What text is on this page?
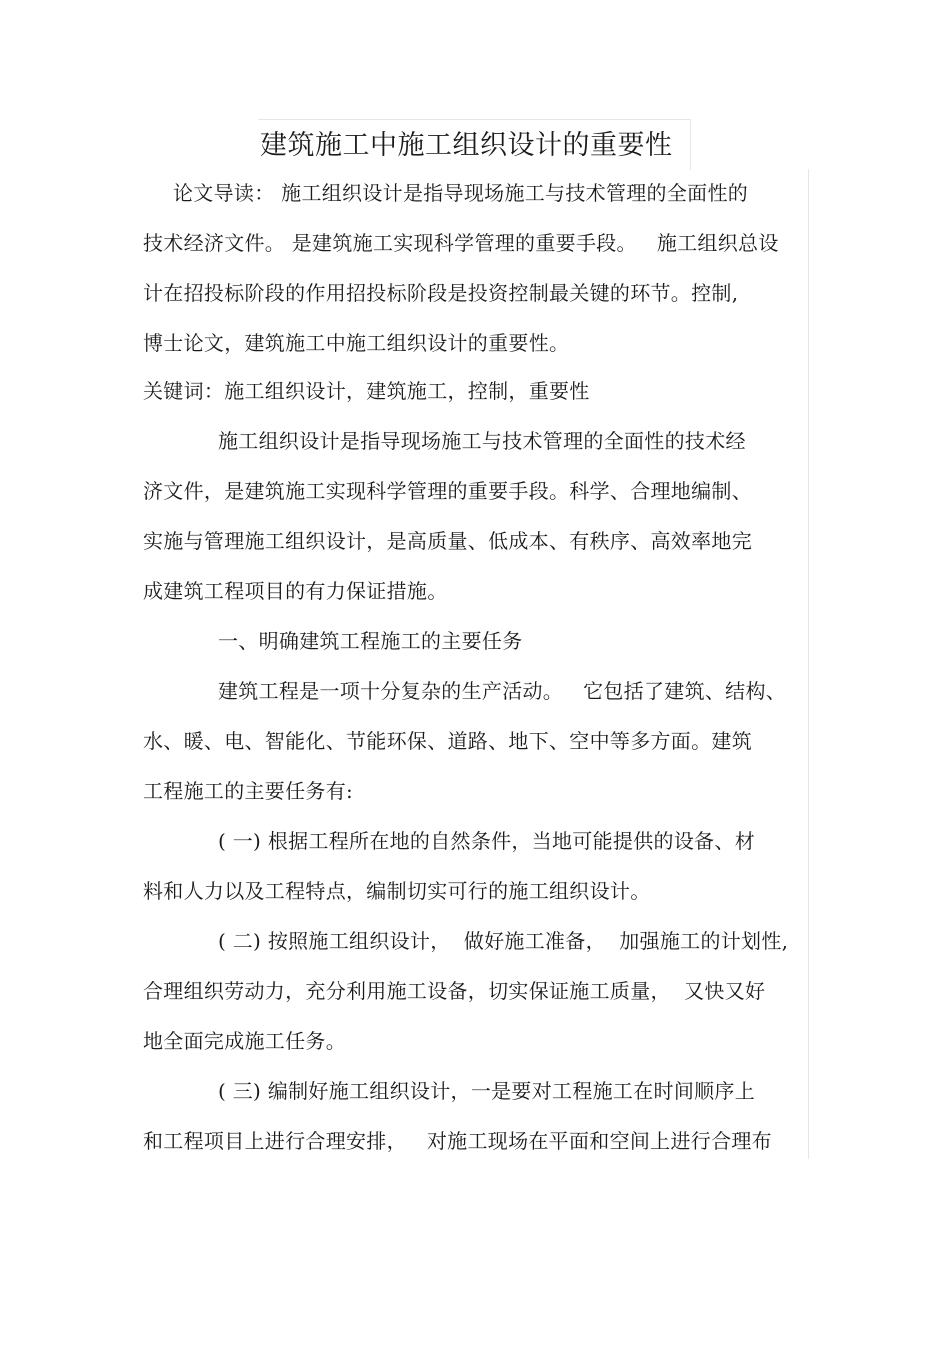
建筑施工中施工组织设计的重要性
论文导读： 施工组织设计是指导现场施工与技术管理的全面性的
技术经济文件。 是建筑施工实现科学管理的重要手段。   施工组织总设
计在招投标阶段的作用招投标阶段是投资控制最关键的环节。控制,
博士论文，建筑施工中施工组织设计的重要性。
关键词：施工组织设计，建筑施工，控制，重要性
施工组织设计是指导现场施工与技术管理的全面性的技术经
济文件，是建筑施工实现科学管理的重要手段。科学、合理地编制、
实施与管理施工组织设计，是高质量、低成本、有秩序、高效率地完
成建筑工程项目的有力保证措施。
一、明确建筑工程施工的主要任务
建筑工程是一项十分复杂的生产活动。   它包括了建筑、结构、
水、暖、电、智能化、节能环保、道路、地下、空中等多方面。建筑
工程施工的主要任务有:
( 一) 根据工程所在地的自然条件，当地可能提供的设备、材
料和人力以及工程特点，编制切实可行的施工组织设计。
( 二) 按照施工组织设计，  做好施工准备，  加强施工的计划性,
合理组织劳动力，充分利用施工设备，切实保证施工质量，  又快又好
地全面完成施工任务。
( 三) 编制好施工组织设计，一是要对工程施工在时间顺序上
和工程项目上进行合理安排，   对施工现场在平面和空间上进行合理布
